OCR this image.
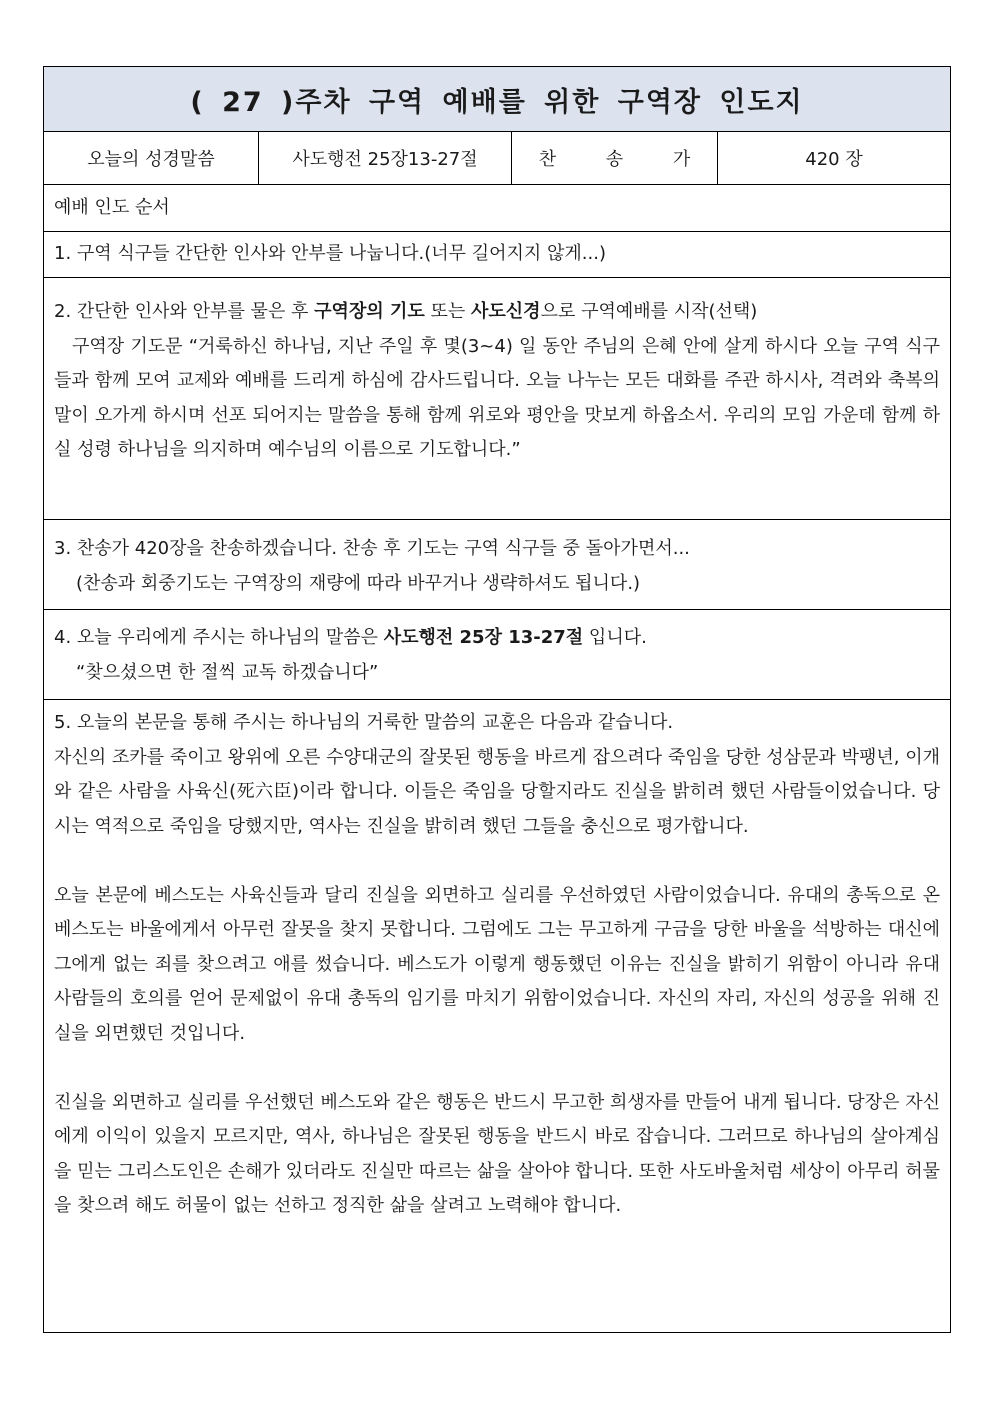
( 27 )주차 구역 예배를 위한 구역장 인도지
오늘의 성경말씀	사도행전 25장13-27절	찬 송 가	420 장

예배 인도 순서

1. 구역 식구들 간단한 인사와 안부를 나눕니다.(너무 길어지지 않게...)

2. 간단한 인사와 안부를 물은 후 구역장의 기도 또는 사도신경으로 구역예배를 시작(선택)

구역장 기도문 “거룩하신 하나님, 지난 주일 후 몇(3~4) 일 동안 주님의 은혜 안에 살게 하시다 오늘 구역 식구들과 함께 모여 교제와 예배를 드리게 하심에 감사드립니다. 오늘 나누는 모든 대화를 주관 하시사, 격려와 축복의 말이 오가게 하시며 선포 되어지는 말씀을 통해 함께 위로와 평안을 맛보게 하옵소서. 우리의 모임 가운데 함께 하실 성령 하나님을 의지하며 예수님의 이름으로 기도합니다.”

3. 찬송가 420장을 찬송하겠습니다. 찬송 후 기도는 구역 식구들 중 돌아가면서...

(찬송과 회중기도는 구역장의 재량에 따라 바꾸거나 생략하셔도 됩니다.)

4. 오늘 우리에게 주시는 하나님의 말씀은 사도행전 25장 13-27절 입니다.

“찾으셨으면 한 절씩 교독 하겠습니다”

5. 오늘의 본문을 통해 주시는 하나님의 거룩한 말씀의 교훈은 다음과 같습니다.

자신의 조카를 죽이고 왕위에 오른 수양대군의 잘못된 행동을 바르게 잡으려다 죽임을 당한 성삼문과 박팽년, 이개와 같은 사람을 사육신(死六臣)이라 합니다. 이들은 죽임을 당할지라도 진실을 밝히려 했던 사람들이었습니다. 당시는 역적으로 죽임을 당했지만, 역사는 진실을 밝히려 했던 그들을 충신으로 평가합니다.

오늘 본문에 베스도는 사육신들과 달리 진실을 외면하고 실리를 우선하였던 사람이었습니다. 유대의 총독으로 온 베스도는 바울에게서 아무런 잘못을 찾지 못합니다. 그럼에도 그는 무고하게 구금을 당한 바울을 석방하는 대신에 그에게 없는 죄를 찾으려고 애를 썼습니다. 베스도가 이렇게 행동했던 이유는 진실을 밝히기 위함이 아니라 유대 사람들의 호의를 얻어 문제없이 유대 총독의 임기를 마치기 위함이었습니다. 자신의 자리, 자신의 성공을 위해 진실을 외면했던 것입니다.

진실을 외면하고 실리를 우선했던 베스도와 같은 행동은 반드시 무고한 희생자를 만들어 내게 됩니다. 당장은 자신에게 이익이 있을지 모르지만, 역사, 하나님은 잘못된 행동을 반드시 바로 잡습니다. 그러므로 하나님의 살아계심을 믿는 그리스도인은 손해가 있더라도 진실만 따르는 삶을 살아야 합니다. 또한 사도바울처럼 세상이 아무리 허물을 찾으려 해도 허물이 없는 선하고 정직한 삶을 살려고 노력해야 합니다.
